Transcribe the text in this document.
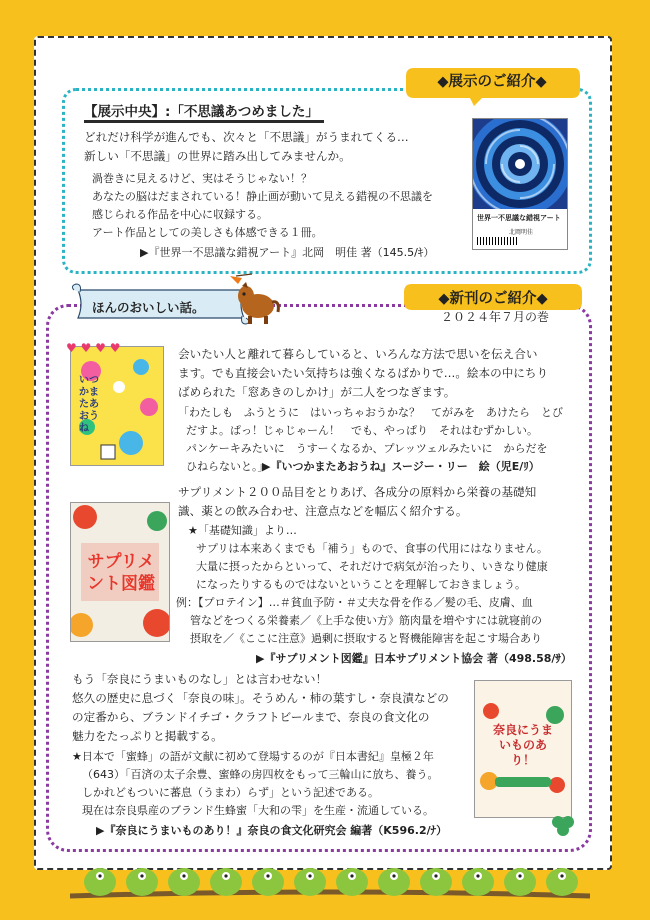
◆展示のご紹介◆
【展示中央】:「不思議あつめました」
どれだけ科学が進んでも、次々と「不思議」がうまれてくる…
新しい「不思議」の世界に踏み出してみませんか。
渦巻きに見えるけど、実はそうじゃない！？
あなたの脳はだまされている！静止画が動いて見える錯視の不思議を
感じられる作品を中心に収録する。
アート作品としての美しさも体感できる１冊。
▶『世界一不思議な錯視アート』北岡　明佳 著（145.5/ｷ）
世界一不思議な錯視アート
北岡明佳
ほんのおいしい話。
◆新刊のご紹介◆
２０２４年７月の巻
いつかまたあおうね
♥ ♥ ♥ ♥	会いたい人と離れて暮らしていると、いろんな方法で思いを伝え合い
ます。でも直接会いたい気持ちは強くなるばかりで…。絵本の中にちり
ばめられた「窓あきのしかけ」が二人をつなぎます。
「わたしも　ふうとうに　はいっちゃおうかな？　てがみを　あけたら　とび
だすよ。ぱっ！じゃじゃーん！　でも、やっぱり　それはむずかしい。
パンケーキみたいに　うすーくなるか、プレッツェルみたいに　からだを
ひねらないと。」
▶『いつかまたあおうね』スージー・リー　絵（児E/ﾘ）
サプリメント図鑑
サプリメント２００品目をとりあげ、各成分の原料から栄養の基礎知
識、薬との飲み合わせ、注意点などを幅広く紹介する。
★「基礎知識」より…
サプリは本来あくまでも「補う」もので、食事の代用にはなりません。
大量に摂ったからといって、それだけで病気が治ったり、いきなり健康
になったりするものではないということを理解しておきましょう。
例：【プロテイン】…＃貧血予防・＃丈夫な骨を作る／髪の毛、皮膚、血
管などをつくる栄養素／《上手な使い方》筋肉量を増やすには就寝前の
摂取を／《ここに注意》過剰に摂取すると腎機能障害を起こす場合あり
▶『サプリメント図鑑』日本サプリメント協会 著（498.58/ｻ）
もう「奈良にうまいものなし」とは言わせない！
悠久の歴史に息づく「奈良の味」。そうめん・柿の葉すし・奈良漬などの
の定番から、ブランドイチゴ・クラフトビールまで、奈良の食文化の
魅力をたっぷりと掲載する。
★日本で「蜜蜂」の語が文献に初めて登場するのが『日本書紀』皇極２年
（643）「百済の太子余豊、蜜蜂の房四枚をもって三輪山に放ち、養う。
しかれどもついに蕃息（うまわ）らず」という記述である。
現在は奈良県産のブランド生蜂蜜「大和の雫」を生産・流通している。
▶『奈良にうまいものあり！』奈良の食文化研究会 編著（K596.2/ﾅ）
奈良にうまいものあり！
